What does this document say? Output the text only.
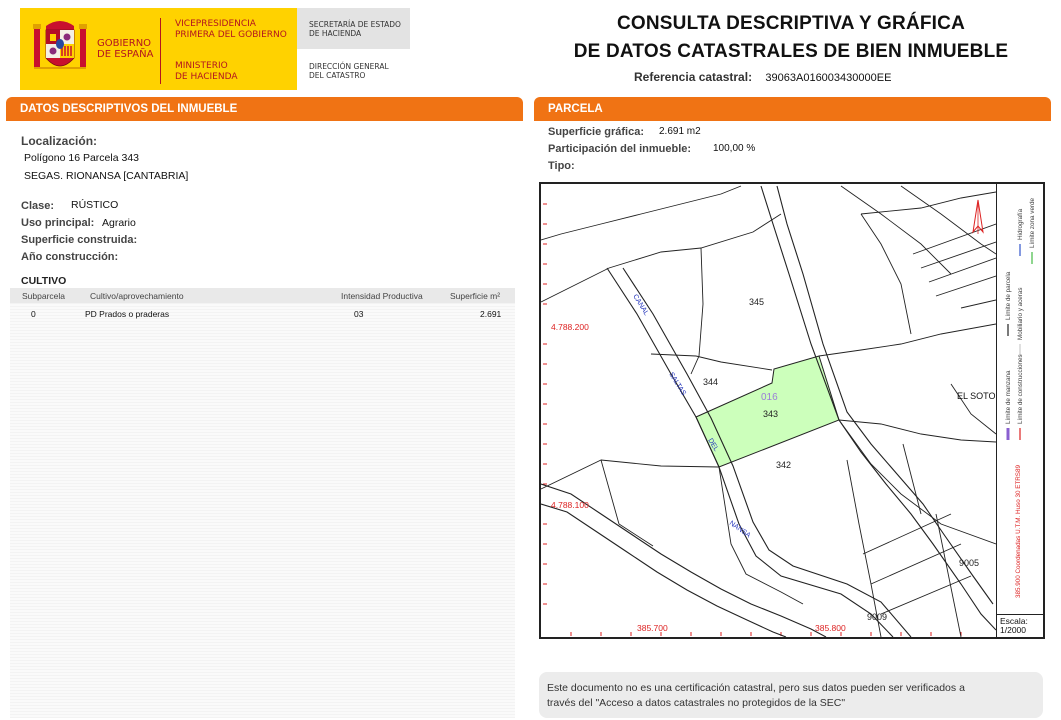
GOBIERNO
DE ESPAÑA
VICEPRESIDENCIA
PRIMERA DEL GOBIERNO
MINISTERIO
DE HACIENDA
SECRETARÍA DE ESTADO
DE HACIENDA
DIRECCIÓN GENERAL
DEL CATASTRO
CONSULTA DESCRIPTIVA Y GRÁFICA
DE DATOS CATASTRALES DE BIEN INMUEBLE
Referencia catastral: 39063A016003430000EE
DATOS DESCRIPTIVOS DEL INMUEBLE
Localización:
Polígono 16 Parcela 343
SEGAS. RIONANSA [CANTABRIA]
Clase: RÚSTICO
Uso principal: Agrario
Superficie construida:
Año construcción:
CULTIVO
Subparcela	Cultivo/aprovechamiento	Intensidad Productiva	Superficie m²
0	PD Prados o praderas	03	2.691
PARCELA
Superficie gráfica: 2.691 m2
Participación del inmueble: 100,00 %
Tipo:
4.788.200
4.788.100
385.700	385.800
345
344
016
343
342
9005
9009
EL SOTO
CANAL
SALTAS
DEL
NANSA
Límite de parcela
Límite de manzana
Hidrografía
Límite de construcciones
Mobiliario y aceras
Límite zona verde
385.900 Coordenadas U.T.M. Huso 30 ETRS89
Escala:
1/2000
Este documento no es una certificación catastral, pero sus datos pueden ser verificados a
través del "Acceso a datos catastrales no protegidos de la SEC"
